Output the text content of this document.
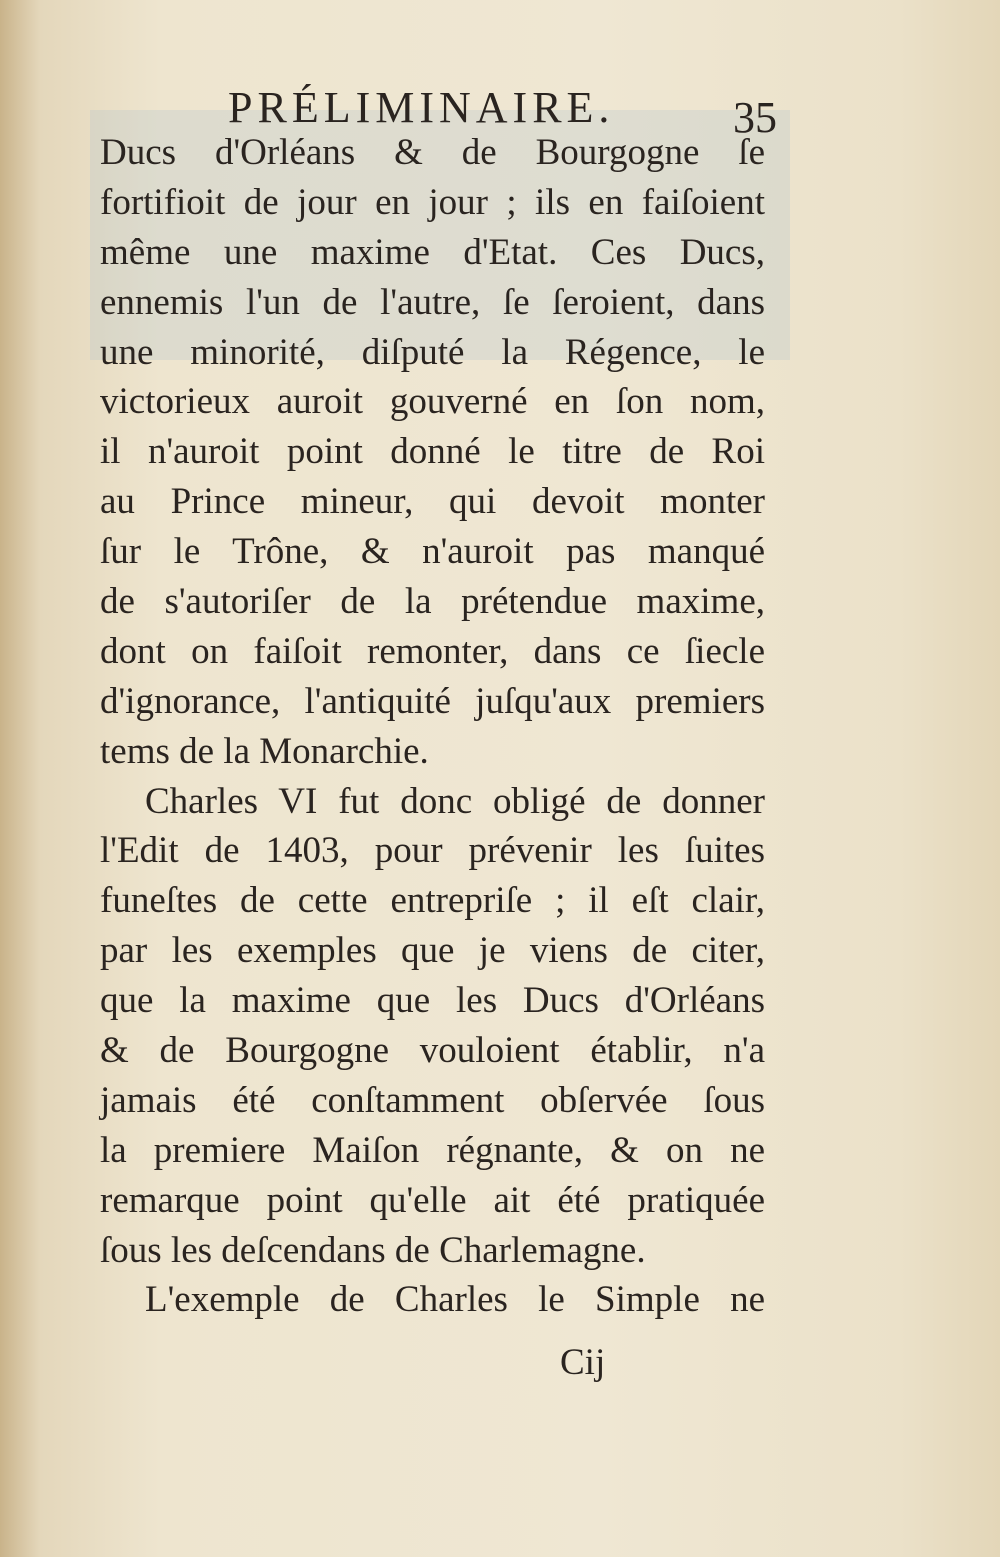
PRÉLIMINAIRE.	35
Ducs d'Orléans & de Bourgogne ſe
fortifioit de jour en jour ; ils en faiſoient
même une maxime d'Etat. Ces Ducs,
ennemis l'un de l'autre, ſe ſeroient, dans
une minorité, diſputé la Régence, le
victorieux auroit gouverné en ſon nom,
il n'auroit point donné le titre de Roi
au Prince mineur, qui devoit monter
ſur le Trône, & n'auroit pas manqué
de s'autoriſer de la prétendue maxime,
dont on faiſoit remonter, dans ce ſiecle
d'ignorance, l'antiquité juſqu'aux premiers
tems de la Monarchie.
Charles VI fut donc obligé de donner
l'Edit de 1403, pour prévenir les ſuites
funeſtes de cette entrepriſe ; il eſt clair,
par les exemples que je viens de citer,
que la maxime que les Ducs d'Orléans
& de Bourgogne vouloient établir, n'a
jamais été conſtamment obſervée ſous
la premiere Maiſon régnante, & on ne
remarque point qu'elle ait été pratiquée
ſous les deſcendans de Charlemagne.
L'exemple de Charles le Simple ne
Cij
